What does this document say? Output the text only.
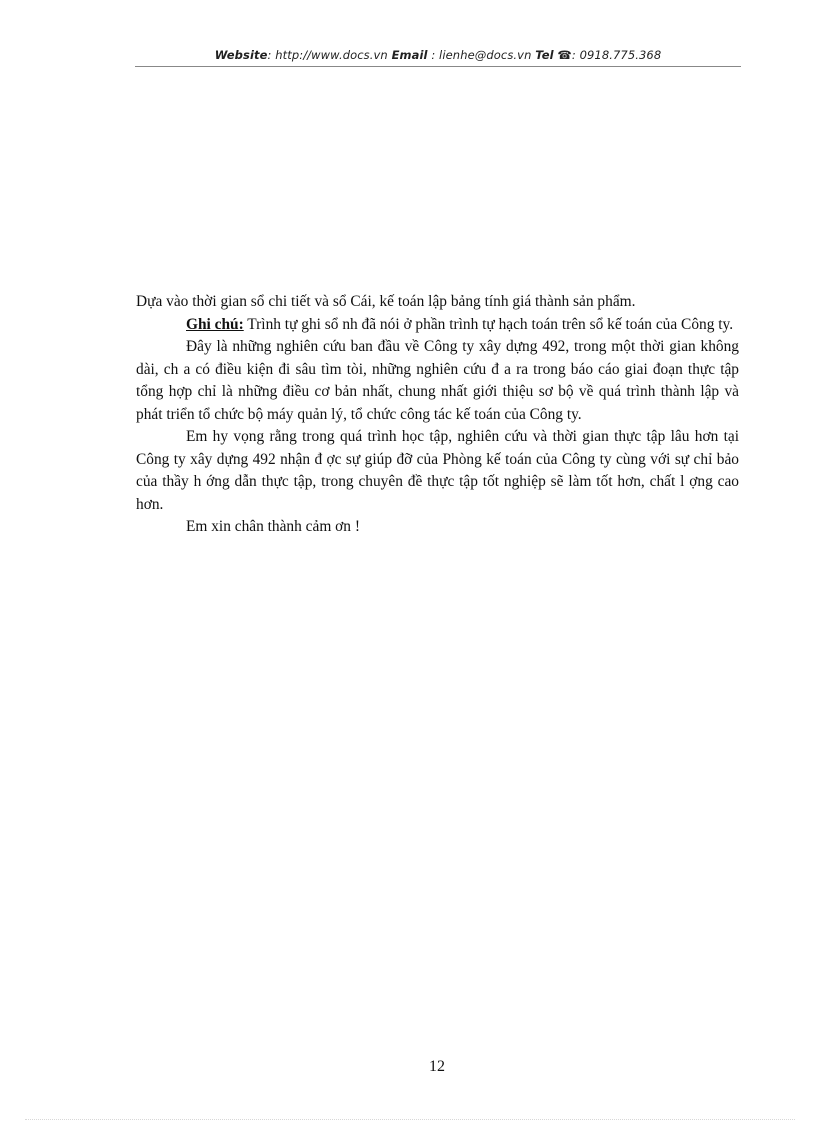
Website: http://www.docs.vn Email : lienhe@docs.vn Tel ☎: 0918.775.368

Dựa vào thời gian sổ chi tiết và sổ Cái, kế toán lập bảng tính giá thành sản phẩm.

Ghi chú: Trình tự ghi sổ nh đã nói ở phần trình tự hạch toán trên sổ kế toán của Công ty.

Đây là những nghiên cứu ban đầu về Công ty xây dựng 492, trong một thời gian không dài, ch a có điều kiện đi sâu tìm tòi, những nghiên cứu đ a ra trong báo cáo giai đoạn thực tập tổng hợp chỉ là những điều cơ bản nhất, chung nhất giới thiệu sơ bộ về quá trình thành lập và phát triển tổ chức bộ máy quản lý, tổ chức công tác kế toán của Công ty.

Em hy vọng rằng trong quá trình học tập, nghiên cứu và thời gian thực tập lâu hơn tại Công ty xây dựng 492 nhận đ ợc sự giúp đỡ của Phòng kế toán của Công ty cùng với sự chỉ bảo của thầy h ớng dẫn thực tập, trong chuyên đề thực tập tốt nghiệp sẽ làm tốt hơn, chất l ợng cao hơn.

Em xin chân thành cảm ơn !

12
